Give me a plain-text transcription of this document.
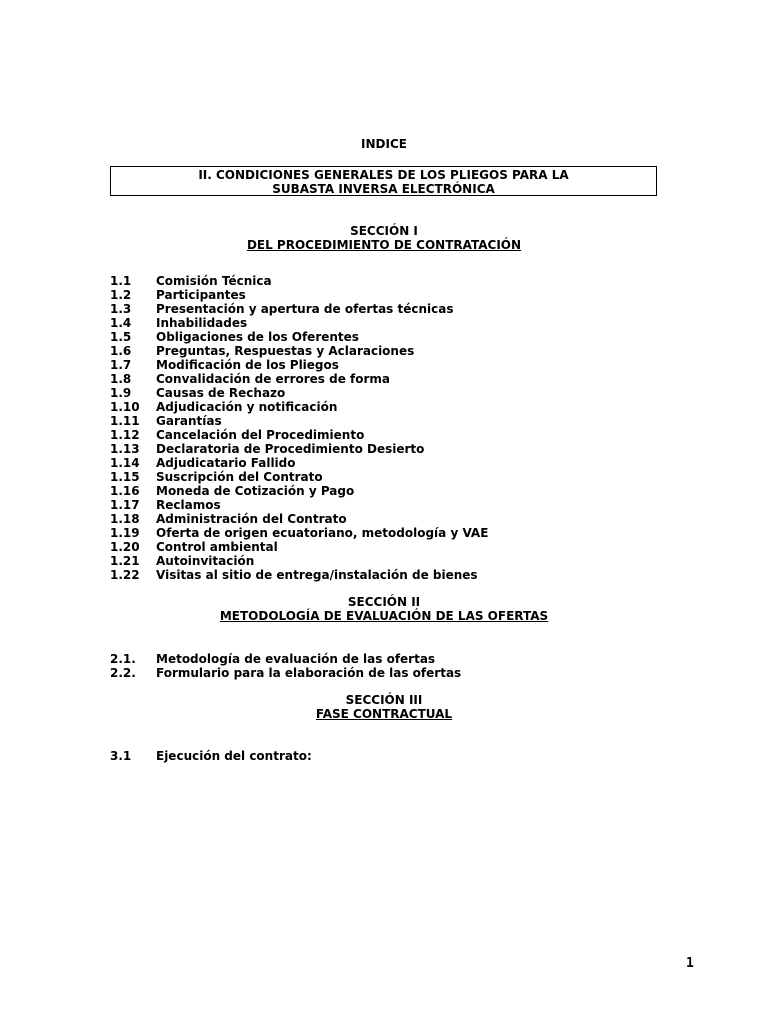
INDICE
II. CONDICIONES GENERALES DE LOS PLIEGOS PARA LA
SUBASTA INVERSA ELECTRÓNICA
SECCIÓN I
DEL PROCEDIMIENTO DE CONTRATACIÓN
1.1 Comisión Técnica
1.2 Participantes
1.3 Presentación y apertura de ofertas técnicas
1.4 Inhabilidades
1.5 Obligaciones de los Oferentes
1.6 Preguntas, Respuestas y Aclaraciones
1.7 Modificación de los Pliegos
1.8 Convalidación de errores de forma
1.9 Causas de Rechazo
1.10 Adjudicación y notificación
1.11 Garantías
1.12 Cancelación del Procedimiento
1.13 Declaratoria de Procedimiento Desierto
1.14 Adjudicatario Fallido
1.15 Suscripción del Contrato
1.16 Moneda de Cotización y Pago
1.17 Reclamos
1.18 Administración del Contrato
1.19 Oferta de origen ecuatoriano, metodología y VAE
1.20 Control ambiental
1.21 Autoinvitación
1.22 Visitas al sitio de entrega/instalación de bienes
SECCIÓN II
METODOLOGÍA DE EVALUACIÓN DE LAS OFERTAS
2.1. Metodología de evaluación de las ofertas
2.2. Formulario para la elaboración de las ofertas
SECCIÓN III
FASE CONTRACTUAL
3.1 Ejecución del contrato:
1
